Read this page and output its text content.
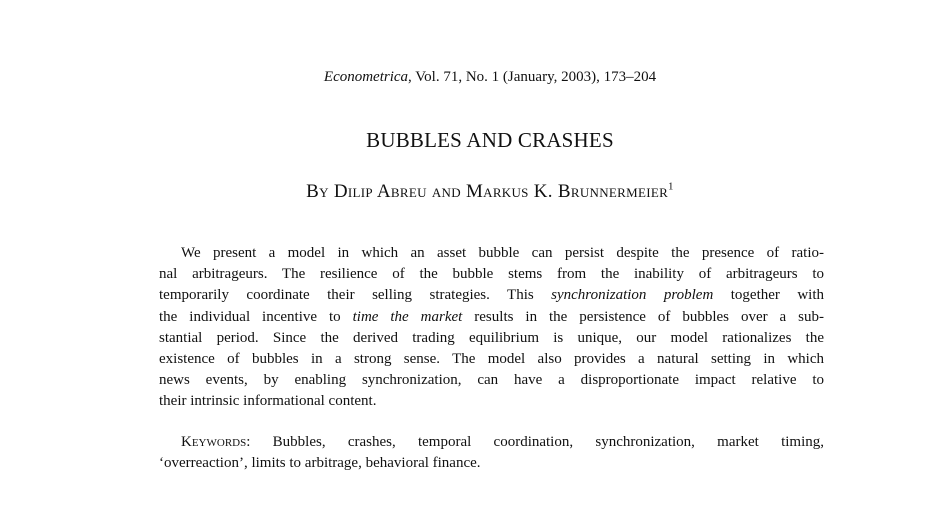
Econometrica, Vol. 71, No. 1 (January, 2003), 173–204
BUBBLES AND CRASHES
By Dilip Abreu and Markus K. Brunnermeier$^1$
We present a model in which an asset bubble can persist despite the presence of ratio-
nal arbitrageurs. The resilience of the bubble stems from the inability of arbitrageurs to
temporarily coordinate their selling strategies. This synchronization problem together with
the individual incentive to time the market results in the persistence of bubbles over a sub-
stantial period. Since the derived trading equilibrium is unique, our model rationalizes the
existence of bubbles in a strong sense. The model also provides a natural setting in which
news events, by enabling synchronization, can have a disproportionate impact relative to
their intrinsic informational content.
Keywords: Bubbles, crashes, temporal coordination, synchronization, market timing,
‘overreaction’, limits to arbitrage, behavioral finance.
